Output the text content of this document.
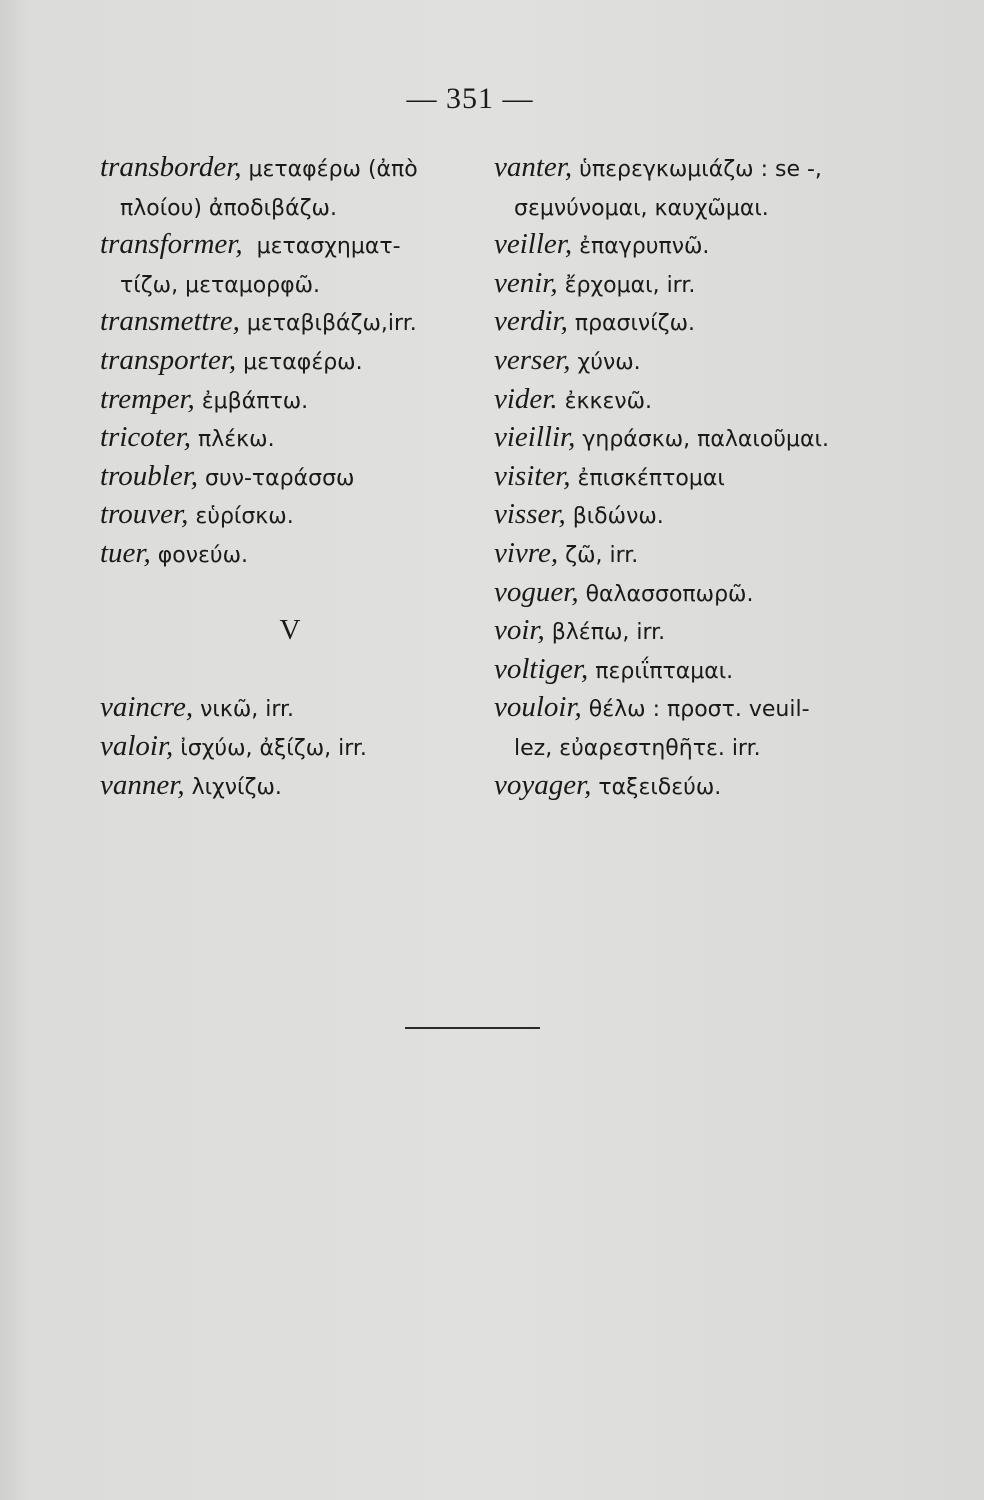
— 351 —
transborder, μεταφέρω (ἀπὸ
πλοίου) ἀποδιβάζω.
transformer,  μετασχηματ-
τίζω, μεταμορφῶ.
transmettre, μεταβιβάζω,irr.
transporter, μεταφέρω.
tremper, ἐμβάπτω.
tricoter, πλέκω.
troubler, συν-ταράσσω
trouver, εὑρίσκω.
tuer, φονεύω.
V
vaincre, νικῶ, irr.
valoir, ἰσχύω, ἀξίζω, irr.
vanner, λιχνίζω.
vanter, ὑπερεγκωμιάζω : se -,
σεμνύνομαι, καυχῶμαι.
veiller, ἐπαγρυπνῶ.
venir, ἔρχομαι, irr.
verdir, πρασινίζω.
verser, χύνω.
vider. ἐκκενῶ.
vieillir, γηράσκω, παλαιοῦμαι.
visiter, ἐπισκέπτομαι
visser, βιδώνω.
vivre, ζῶ, irr.
voguer, θαλασσοπωρῶ.
voir, βλέπω, irr.
voltiger, περιΐπταμαι.
vouloir, θέλω : προστ. veuil-
lez, εὐαρεστηθῆτε. irr.
voyager, ταξειδεύω.
